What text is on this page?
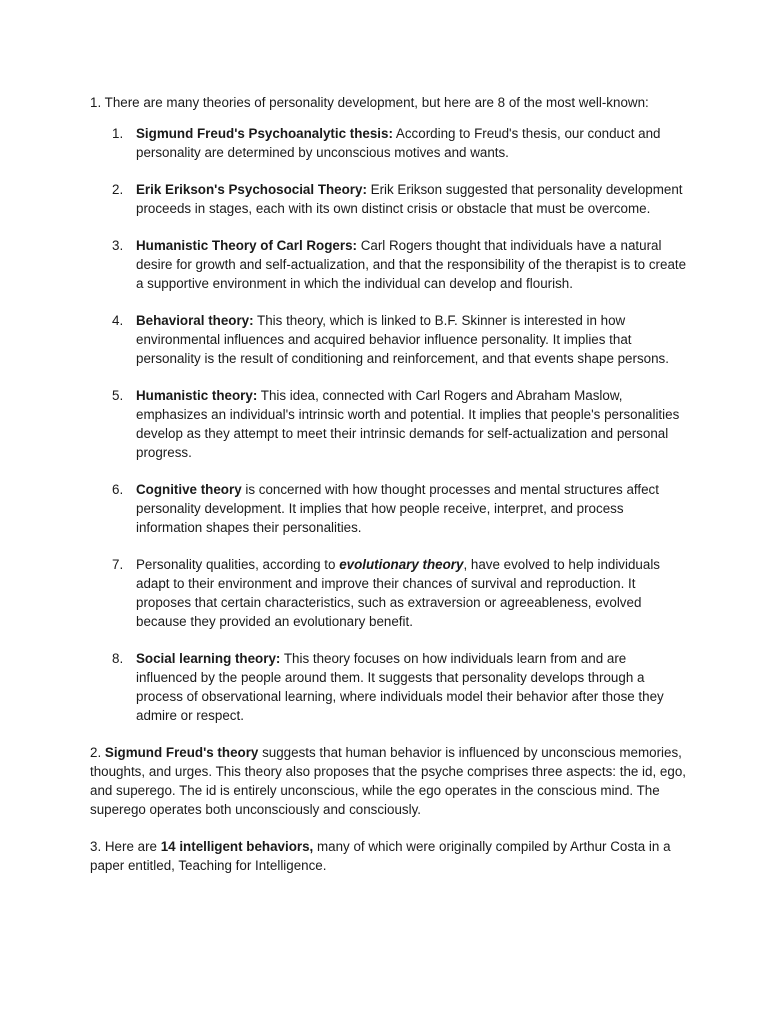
1. There are many theories of personality development, but here are 8 of the most well-known:

1. Sigmund Freud's Psychoanalytic thesis: According to Freud's thesis, our conduct and personality are determined by unconscious motives and wants.
2. Erik Erikson's Psychosocial Theory: Erik Erikson suggested that personality development proceeds in stages, each with its own distinct crisis or obstacle that must be overcome.
3. Humanistic Theory of Carl Rogers: Carl Rogers thought that individuals have a natural desire for growth and self-actualization, and that the responsibility of the therapist is to create a supportive environment in which the individual can develop and flourish.
4. Behavioral theory: This theory, which is linked to B.F. Skinner is interested in how environmental influences and acquired behavior influence personality. It implies that personality is the result of conditioning and reinforcement, and that events shape persons.
5. Humanistic theory: This idea, connected with Carl Rogers and Abraham Maslow, emphasizes an individual's intrinsic worth and potential. It implies that people's personalities develop as they attempt to meet their intrinsic demands for self-actualization and personal progress.
6. Cognitive theory is concerned with how thought processes and mental structures affect personality development. It implies that how people receive, interpret, and process information shapes their personalities.
7. Personality qualities, according to evolutionary theory, have evolved to help individuals adapt to their environment and improve their chances of survival and reproduction. It proposes that certain characteristics, such as extraversion or agreeableness, evolved because they provided an evolutionary benefit.
8. Social learning theory: This theory focuses on how individuals learn from and are influenced by the people around them. It suggests that personality develops through a process of observational learning, where individuals model their behavior after those they admire or respect.

2. Sigmund Freud's theory suggests that human behavior is influenced by unconscious memories, thoughts, and urges. This theory also proposes that the psyche comprises three aspects: the id, ego, and superego. The id is entirely unconscious, while the ego operates in the conscious mind. The superego operates both unconsciously and consciously.

3. Here are 14 intelligent behaviors, many of which were originally compiled by Arthur Costa in a paper entitled, Teaching for Intelligence.
